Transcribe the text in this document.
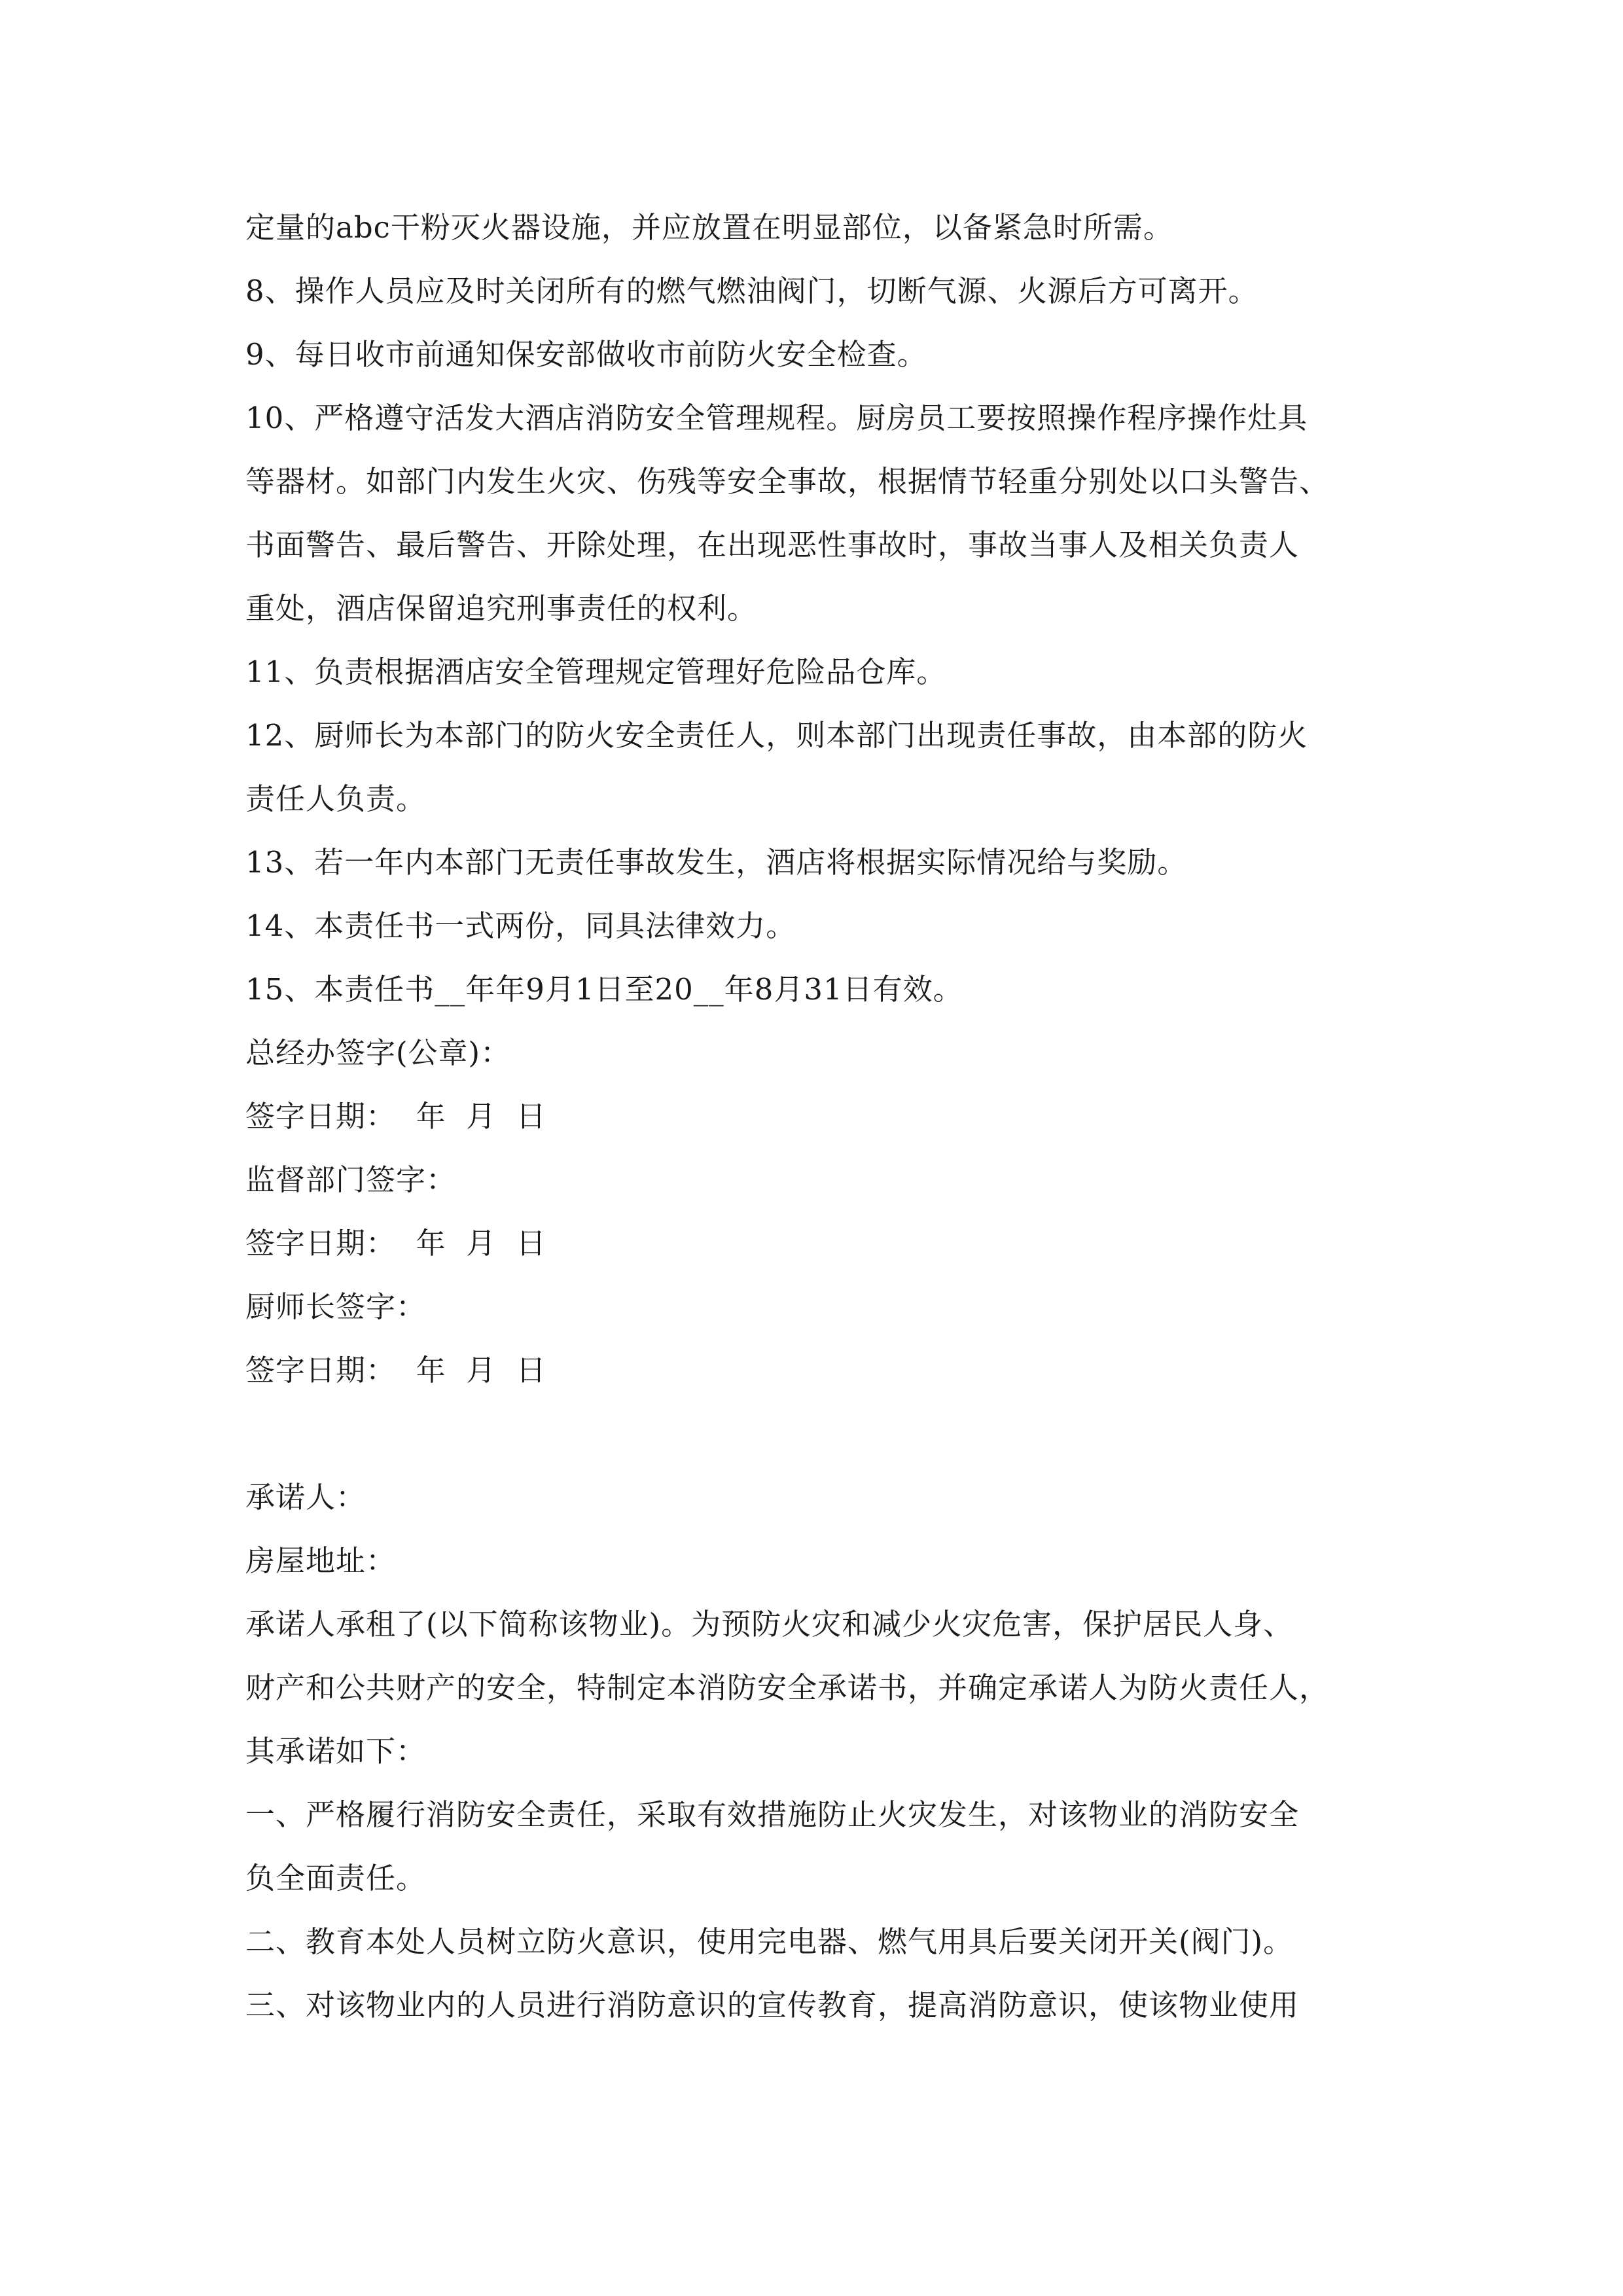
定量的abc干粉灭火器设施，并应放置在明显部位，以备紧急时所需。
8、操作人员应及时关闭所有的燃气燃油阀门，切断气源、火源后方可离开。
9、每日收市前通知保安部做收市前防火安全检查。
10、严格遵守活发大酒店消防安全管理规程。厨房员工要按照操作程序操作灶具
等器材。如部门内发生火灾、伤残等安全事故，根据情节轻重分别处以口头警告、
书面警告、最后警告、开除处理，在出现恶性事故时，事故当事人及相关负责人
重处，酒店保留追究刑事责任的权利。
11、负责根据酒店安全管理规定管理好危险品仓库。
12、厨师长为本部门的防火安全责任人，则本部门出现责任事故，由本部的防火
责任人负责。
13、若一年内本部门无责任事故发生，酒店将根据实际情况给与奖励。
14、本责任书一式两份，同具法律效力。
15、本责任书__年年9月1日至20__年8月31日有效。
总经办签字(公章)：
签字日期：  年  月  日
监督部门签字：
签字日期：  年  月  日
厨师长签字：
签字日期：  年  月  日
承诺人：
房屋地址：
承诺人承租了(以下简称该物业)。为预防火灾和减少火灾危害，保护居民人身、
财产和公共财产的安全，特制定本消防安全承诺书，并确定承诺人为防火责任人，
其承诺如下：
一、严格履行消防安全责任，采取有效措施防止火灾发生，对该物业的消防安全
负全面责任。
二、教育本处人员树立防火意识，使用完电器、燃气用具后要关闭开关(阀门)。
三、对该物业内的人员进行消防意识的宣传教育，提高消防意识，使该物业使用
